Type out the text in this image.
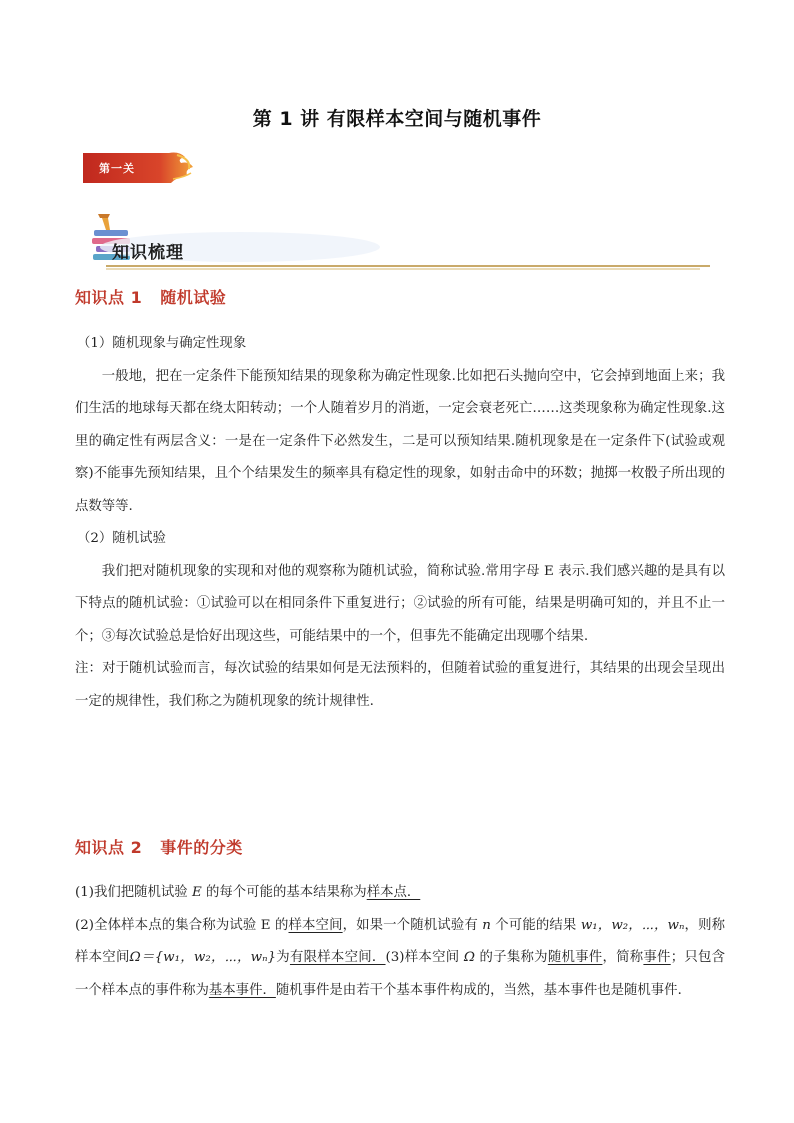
第 1 讲 有限样本空间与随机事件
第一关
知识梳理
知识点 1 随机试验

（1）随机现象与确定性现象

一般地，把在一定条件下能预知结果的现象称为确定性现象.比如把石头抛向空中，它会掉到地面上来；我们生活的地球每天都在绕太阳转动；一个人随着岁月的消逝，一定会衰老死亡……这类现象称为确定性现象.这里的确定性有两层含义：一是在一定条件下必然发生，二是可以预知结果.随机现象是在一定条件下(试验或观察)不能事先预知结果，且个个结果发生的频率具有稳定性的现象，如射击命中的环数；抛掷一枚骰子所出现的点数等等.

（2）随机试验

我们把对随机现象的实现和对他的观察称为随机试验，简称试验.常用字母 E 表示.我们感兴趣的是具有以下特点的随机试验：①试验可以在相同条件下重复进行；②试验的所有可能，结果是明确可知的，并且不止一个；③每次试验总是恰好出现这些，可能结果中的一个，但事先不能确定出现哪个结果.

注：对于随机试验而言，每次试验的结果如何是无法预料的，但随着试验的重复进行，其结果的出现会呈现出一定的规律性，我们称之为随机现象的统计规律性.

知识点 2 事件的分类

(1)我们把随机试验 E 的每个可能的基本结果称为样本点．

(2)全体样本点的集合称为试验 E 的样本空间，如果一个随机试验有 n 个可能的结果 w₁，w₂，⋯，wₙ，则称样本空间Ω＝{w₁，w₂，⋯，wₙ}为有限样本空间．(3)样本空间 Ω 的子集称为随机事件，简称事件；只包含一个样本点的事件称为基本事件．随机事件是由若干个基本事件构成的，当然，基本事件也是随机事件．
